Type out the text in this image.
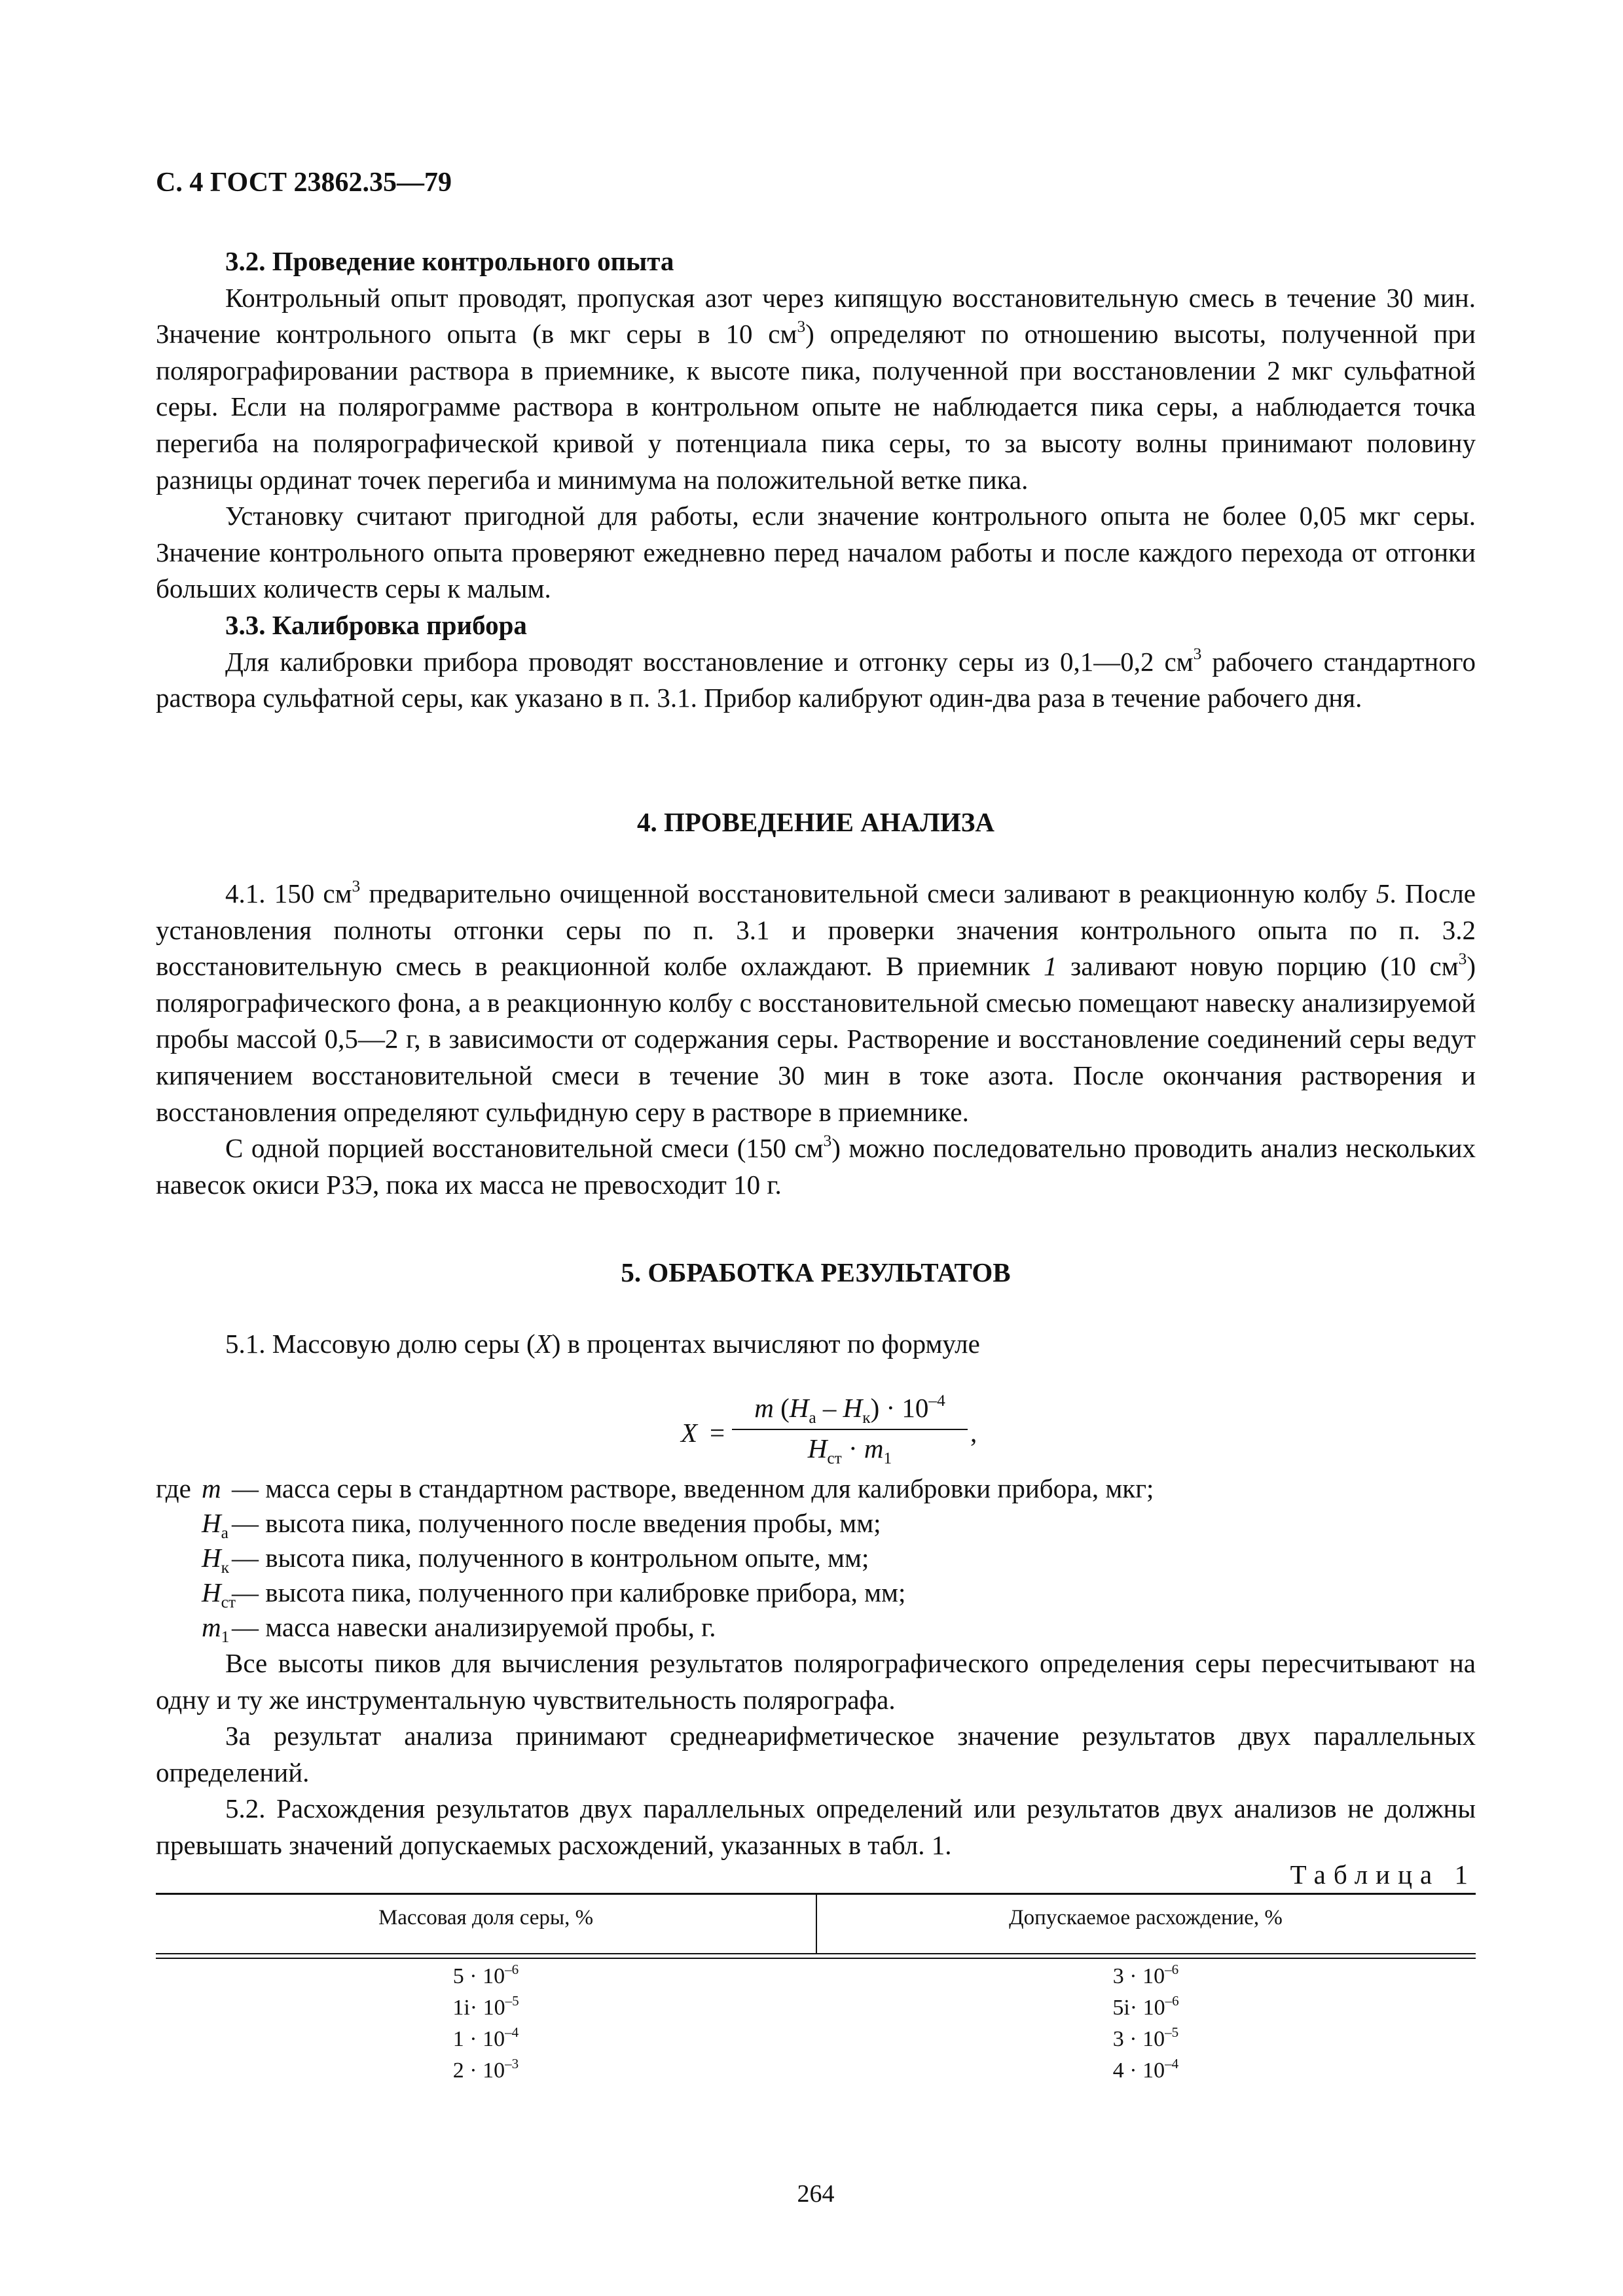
С. 4 ГОСТ 23862.35—79

3.2. Проведение контрольного опыта

Контрольный опыт проводят, пропуская азот через кипящую восстановительную смесь в течение 30 мин. Значение контрольного опыта (в мкг серы в 10 $см^3$) определяют по отношению высоты, полученной при полярографировании раствора в приемнике, к высоте пика, полученной при восстановлении 2 мкг сульфатной серы. Если на полярограмме раствора в контрольном опыте не наблюдается пика серы, а наблюдается точка перегиба на полярографической кривой у потенциала пика серы, то за высоту волны принимают половину разницы ординат точек перегиба и минимума на положительной ветке пика.

Установку считают пригодной для работы, если значение контрольного опыта не более 0,05 мкг серы. Значение контрольного опыта проверяют ежедневно перед началом работы и после каждого перехода от отгонки больших количеств серы к малым.

3.3. Калибровка прибора

Для калибровки прибора проводят восстановление и отгонку серы из 0,1—0,2 $см^3$ рабочего стандартного раствора сульфатной серы, как указано в п. 3.1. Прибор калибруют один-два раза в течение рабочего дня.

4. ПРОВЕДЕНИЕ АНАЛИЗА

4.1. 150 $см^3$ предварительно очищенной восстановительной смеси заливают в реакционную колбу 5. После установления полноты отгонки серы по п. 3.1 и проверки значения контрольного опыта по п. 3.2 восстановительную смесь в реакционной колбе охлаждают. В приемник 1 заливают новую порцию (10 $см^3$) полярографического фона, а в реакционную колбу с восстановительной смесью помещают навеску анализируемой пробы массой 0,5—2 г, в зависимости от содержания серы. Растворение и восстановление соединений серы ведут кипячением восстановительной смеси в течение 30 мин в токе азота. После окончания растворения и восстановления определяют сульфидную серу в растворе в приемнике.

С одной порцией восстановительной смеси (150 $см^3$) можно последовательно проводить анализ нескольких навесок окиси РЗЭ, пока их масса не превосходит 10 г.

5. ОБРАБОТКА РЕЗУЛЬТАТОВ

5.1. Массовую долю серы (X) в процентах вычисляют по формуле

X =
m $(H_а - H_к) \cdot 10^{-4}$
$H_{ст} \cdot m_1$
,
где m — масса серы в стандартном растворе, введенном для калибровки прибора, мкг;
$H_а$ — высота пика, полученного после введения пробы, мм;
$H_к$ — высота пика, полученного в контрольном опыте, мм;
$H_{ст}$
— высота пика, полученного при калибровке прибора, мм;
$m_1$ — масса навески анализируемой пробы, г.

Все высоты пиков для вычисления результатов полярографического определения серы пересчитывают на одну и ту же инструментальную чувствительность полярографа.

За результат анализа принимают среднеарифметическое значение результатов двух параллельных определений.

5.2. Расхождения результатов двух параллельных определений или результатов двух анализов не должны превышать значений допускаемых расхождений, указанных в табл. 1.

Таблица 1
Массовая доля серы, %	Допускаемое расхождение, %
$5 \cdot 10^{-6}$
$1i\cdot 10^{-5}$
$1 \cdot 10^{-4}$
$2 \cdot 10^{-3}$
$3 \cdot 10^{-6}$
$5i\cdot 10^{-6}$
$3 \cdot 10^{-5}$
$4 \cdot 10^{-4}$
264
